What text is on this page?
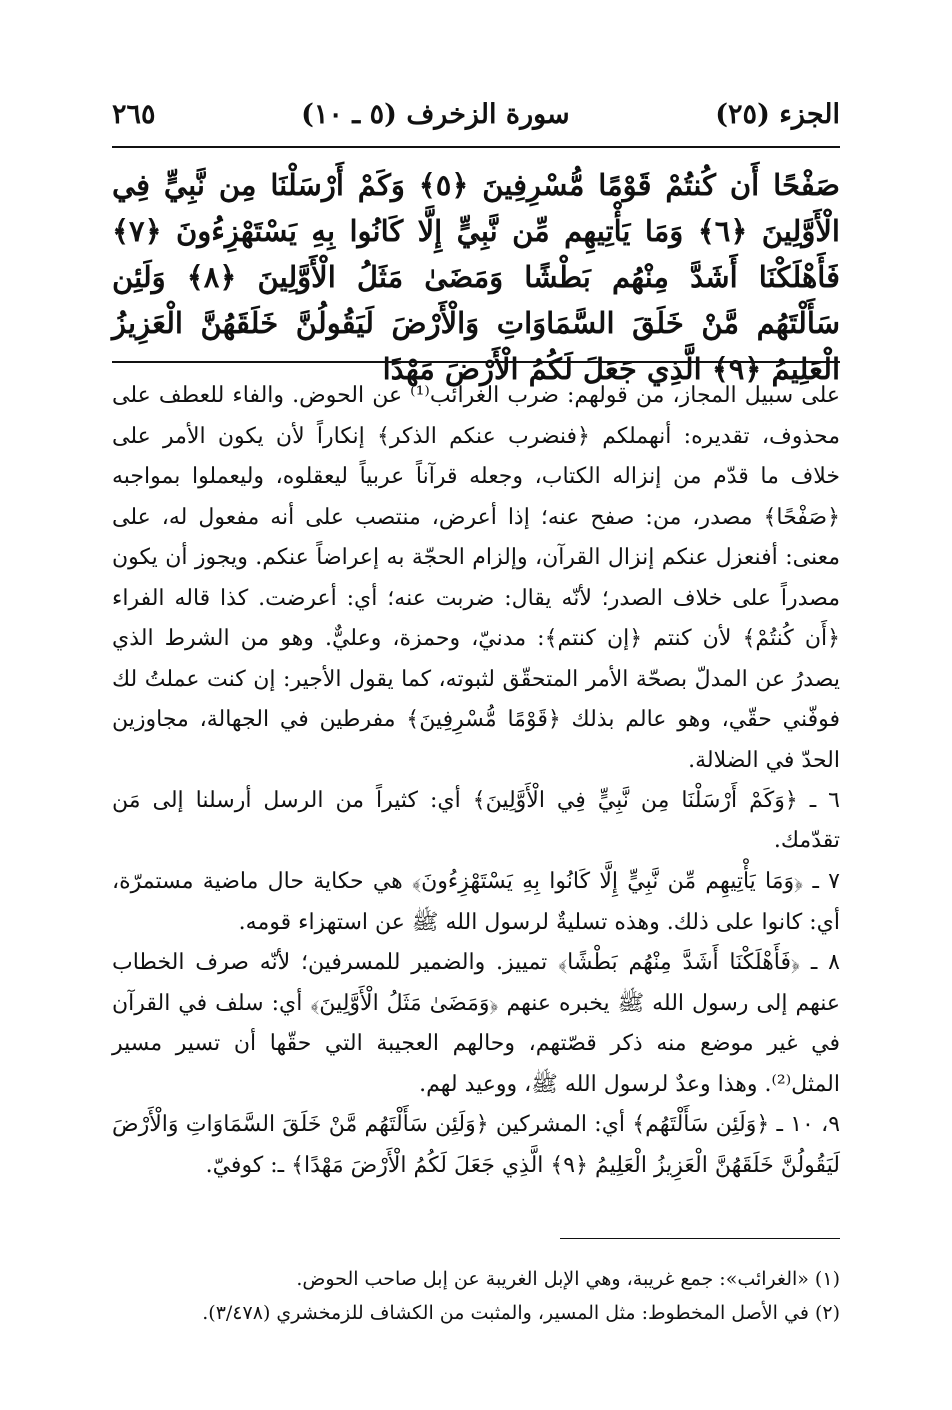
الجزء (٢٥)
سورة الزخرف (٥ ـ ١٠)
٢٦٥
صَفْحًا أَن كُنتُمْ قَوْمًا مُّسْرِفِينَ ﴿٥﴾ وَكَمْ أَرْسَلْنَا مِن نَّبِيٍّ فِي الْأَوَّلِينَ ﴿٦﴾ وَمَا يَأْتِيهِم مِّن نَّبِيٍّ إِلَّا كَانُوا بِهِ يَسْتَهْزِءُونَ ﴿٧﴾ فَأَهْلَكْنَا أَشَدَّ مِنْهُم بَطْشًا وَمَضَىٰ مَثَلُ الْأَوَّلِينَ ﴿٨﴾ وَلَئِن سَأَلْتَهُم مَّنْ خَلَقَ السَّمَاوَاتِ وَالْأَرْضَ لَيَقُولُنَّ خَلَقَهُنَّ الْعَزِيزُ الْعَلِيمُ ﴿٩﴾ الَّذِي جَعَلَ لَكُمُ الْأَرْضَ مَهْدًا

على سبيل المجاز، من قولهم: ضرب الغرائب⁽¹⁾ عن الحوض. والفاء للعطف على محذوف، تقديره: أنهملكم ﴿فنضرب عنكم الذكر﴾ إنكاراً لأن يكون الأمر على خلاف ما قدّم من إنزاله الكتاب، وجعله قرآناً عربياً ليعقلوه، وليعملوا بمواجبه ﴿صَفْحًا﴾ مصدر، من: صفح عنه؛ إذا أعرض، منتصب على أنه مفعول له، على معنى: أفنعزل عنكم إنزال القرآن، وإلزام الحجّة به إعراضاً عنكم. ويجوز أن يكون مصدراً على خلاف الصدر؛ لأنّه يقال: ضربت عنه؛ أي: أعرضت. كذا قاله الفراء ﴿أَن كُنتُمْ﴾ لأن كنتم ﴿إن كنتم﴾: مدنيّ، وحمزة، وعليٌّ. وهو من الشرط الذي يصدرُ عن المدلّ بصحّة الأمر المتحقّق لثبوته، كما يقول الأجير: إن كنت عملتُ لك فوفّني حقّي، وهو عالم بذلك ﴿قَوْمًا مُّسْرِفِينَ﴾ مفرطين في الجهالة، مجاوزين الحدّ في الضلالة.

٦ ـ ﴿وَكَمْ أَرْسَلْنَا مِن نَّبِيٍّ فِي الْأَوَّلِينَ﴾ أي: كثيراً من الرسل أرسلنا إلى مَن تقدّمك.

٧ ـ ﴿وَمَا يَأْتِيهِم مِّن نَّبِيٍّ إِلَّا كَانُوا بِهِ يَسْتَهْزِءُونَ﴾ هي حكاية حال ماضية مستمرّة، أي: كانوا على ذلك. وهذه تسليةٌ لرسول الله ﷺ عن استهزاء قومه.

٨ ـ ﴿فَأَهْلَكْنَا أَشَدَّ مِنْهُم بَطْشًا﴾ تمييز. والضمير للمسرفين؛ لأنّه صرف الخطاب عنهم إلى رسول الله ﷺ يخبره عنهم ﴿وَمَضَىٰ مَثَلُ الْأَوَّلِينَ﴾ أي: سلف في القرآن في غير موضع منه ذكر قصّتهم، وحالهم العجيبة التي حقّها أن تسير مسير المثل⁽²⁾. وهذا وعدٌ لرسول الله ﷺ، ووعيد لهم.

٩، ١٠ ـ ﴿وَلَئِن سَأَلْتَهُم﴾ أي: المشركين ﴿وَلَئِن سَأَلْتَهُم مَّنْ خَلَقَ السَّمَاوَاتِ وَالْأَرْضَ لَيَقُولُنَّ خَلَقَهُنَّ الْعَزِيزُ الْعَلِيمُ ﴿٩﴾ الَّذِي جَعَلَ لَكُمُ الْأَرْضَ مَهْدًا﴾ ـ: كوفيّ.

(١) «الغرائب»: جمع غريبة، وهي الإبل الغريبة عن إبل صاحب الحوض.

(٢) في الأصل المخطوط: مثل المسير، والمثبت من الكشاف للزمخشري (٣/٤٧٨).
